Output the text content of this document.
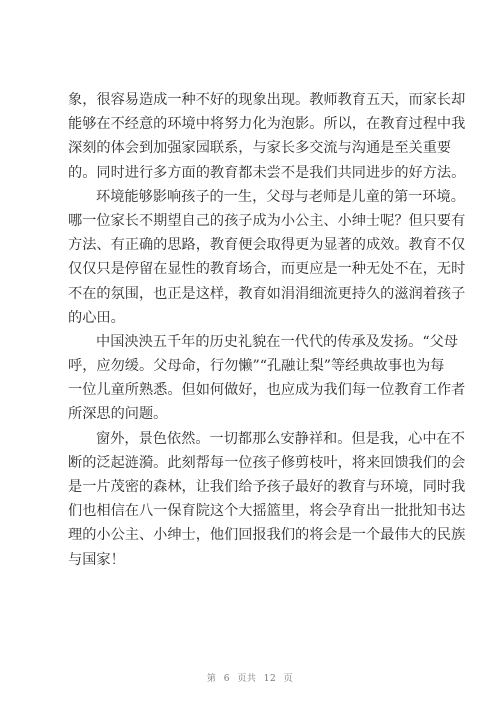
象，很容易造成一种不好的现象出现。教师教育五天，而家长却
能够在不经意的环境中将努力化为泡影。所以，在教育过程中我
深刻的体会到加强家园联系，与家长多交流与沟通是至关重要
的。同时进行多方面的教育都未尝不是我们共同进步的好方法。
环境能够影响孩子的一生，父母与老师是儿童的第一环境。
哪一位家长不期望自己的孩子成为小公主、小绅士呢？但只要有
方法、有正确的思路，教育便会取得更为显著的成效。教育不仅
仅仅只是停留在显性的教育场合，而更应是一种无处不在，无时
不在的氛围，也正是这样，教育如涓涓细流更持久的滋润着孩子
的心田。
中国泱泱五千年的历史礼貌在一代代的传承及发扬。“父母
呼，应勿缓。父母命，行勿懒”“孔融让梨”等经典故事也为每
一位儿童所熟悉。但如何做好，也应成为我们每一位教育工作者
所深思的问题。
窗外，景色依然。一切都那么安静祥和。但是我，心中在不
断的泛起涟漪。此刻帮每一位孩子修剪枝叶，将来回馈我们的会
是一片茂密的森林，让我们给予孩子最好的教育与环境，同时我
们也相信在八一保育院这个大摇篮里，将会孕育出一批批知书达
理的小公主、小绅士，他们回报我们的将会是一个最伟大的民族
与国家！
第 6 页共 12 页
